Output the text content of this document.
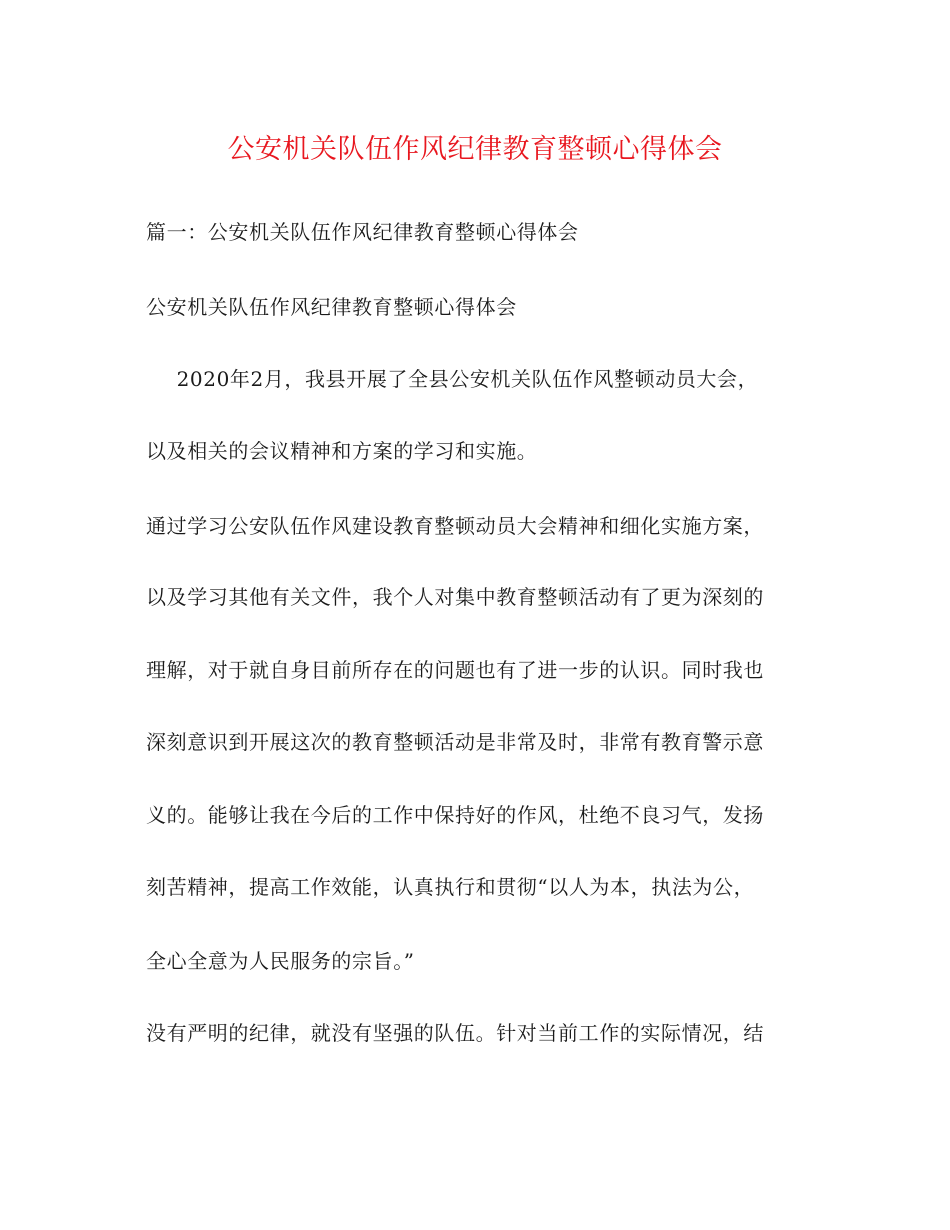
公安机关队伍作风纪律教育整顿心得体会
篇一：公安机关队伍作风纪律教育整顿心得体会
公安机关队伍作风纪律教育整顿心得体会
　2020年2月，我县开展了全县公安机关队伍作风整顿动员大会，
以及相关的会议精神和方案的学习和实施。
通过学习公安队伍作风建设教育整顿动员大会精神和细化实施方案，
以及学习其他有关文件，我个人对集中教育整顿活动有了更为深刻的
理解，对于就自身目前所存在的问题也有了进一步的认识。同时我也
深刻意识到开展这次的教育整顿活动是非常及时，非常有教育警示意
义的。能够让我在今后的工作中保持好的作风，杜绝不良习气，发扬
刻苦精神，提高工作效能，认真执行和贯彻“以人为本，执法为公，
全心全意为人民服务的宗旨。”
没有严明的纪律，就没有坚强的队伍。针对当前工作的实际情况，结
